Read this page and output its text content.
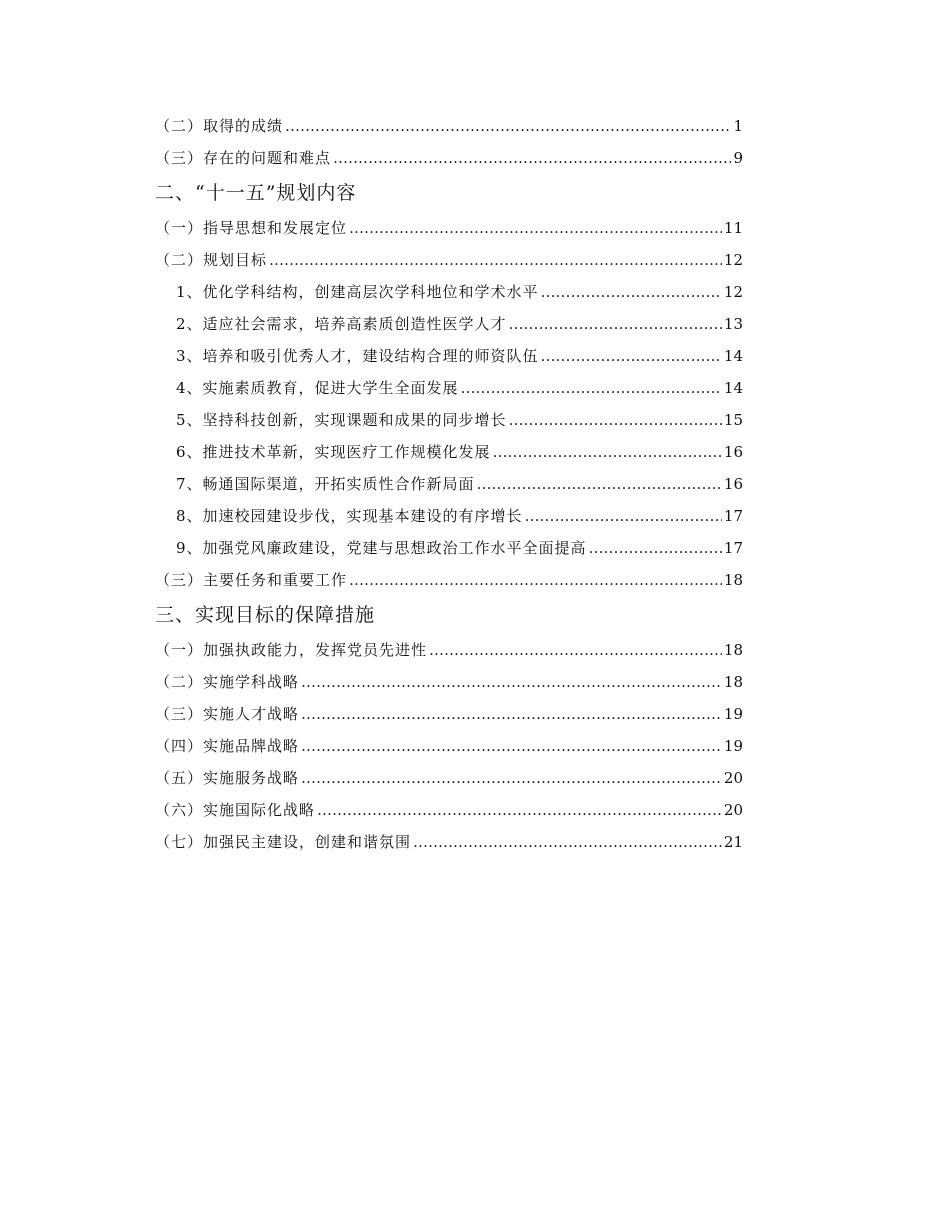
（二）取得的成绩 …………………………………………………………………………………………………………………………………………………	1
（三）存在的问题和难点 …………………………………………………………………………………………………………………………………………………	9
二、“十一五”规划内容
（一）指导思想和发展定位 …………………………………………………………………………………………………………………………………………………	11
（二）规划目标 …………………………………………………………………………………………………………………………………………………	12
1、优化学科结构，创建高层次学科地位和学术水平 …………………………………………………………………………………………………………………………………………………	12
2、适应社会需求，培养高素质创造性医学人才 …………………………………………………………………………………………………………………………………………………	13
3、培养和吸引优秀人才，建设结构合理的师资队伍 …………………………………………………………………………………………………………………………………………………	14
4、实施素质教育，促进大学生全面发展 …………………………………………………………………………………………………………………………………………………	14
5、坚持科技创新，实现课题和成果的同步增长 …………………………………………………………………………………………………………………………………………………	15
6、推进技术革新，实现医疗工作规模化发展 …………………………………………………………………………………………………………………………………………………	16
7、畅通国际渠道，开拓实质性合作新局面 …………………………………………………………………………………………………………………………………………………	16
8、加速校园建设步伐，实现基本建设的有序增长 …………………………………………………………………………………………………………………………………………………	17
9、加强党风廉政建设，党建与思想政治工作水平全面提高 …………………………………………………………………………………………………………………………………………………	17
（三）主要任务和重要工作 …………………………………………………………………………………………………………………………………………………	18
三、实现目标的保障措施
（一）加强执政能力，发挥党员先进性 …………………………………………………………………………………………………………………………………………………	18
（二）实施学科战略 …………………………………………………………………………………………………………………………………………………	18
（三）实施人才战略 …………………………………………………………………………………………………………………………………………………	19
（四）实施品牌战略 …………………………………………………………………………………………………………………………………………………	19
（五）实施服务战略 …………………………………………………………………………………………………………………………………………………	20
（六）实施国际化战略 …………………………………………………………………………………………………………………………………………………	20
（七）加强民主建设，创建和谐氛围 …………………………………………………………………………………………………………………………………………………	21
